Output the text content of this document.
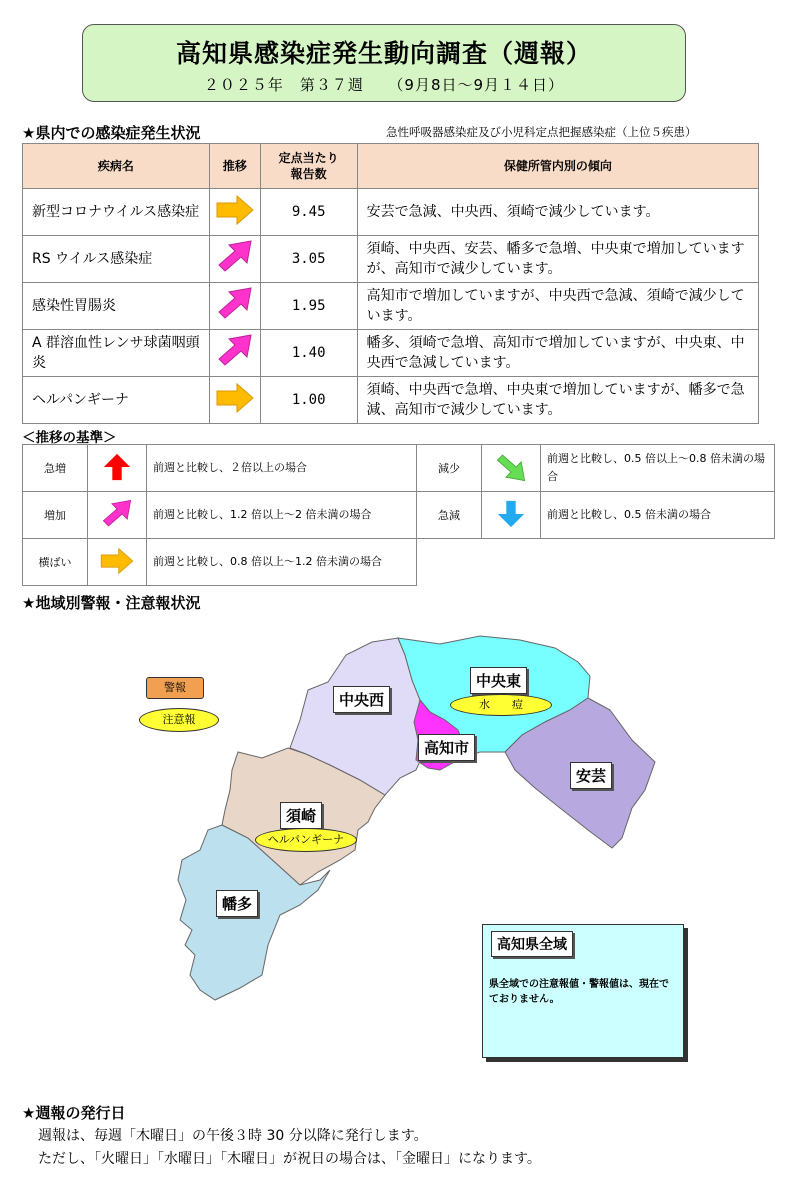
高知県感染症発生動向調査（週報）
２０２５年　第３７週　　（9月8日～9月１４日）
★県内での感染症発生状況	急性呼吸器感染症及び小児科定点把握感染症（上位５疾患）
疾病名	推移	定点当たり報告数	保健所管内別の傾向
新型コロナウイルス感染症		9.45	安芸で急減、中央西、須崎で減少しています。
RS ウイルス感染症		3.05	須崎、中央西、安芸、幡多で急増、中央東で増加していますが、高知市で減少しています。
感染性胃腸炎		1.95	高知市で増加していますが、中央西で急減、須崎で減少しています。
A 群溶血性レンサ球菌咽頭炎		1.40	幡多、須崎で急増、高知市で増加していますが、中央東、中央西で急減しています。
ヘルパンギーナ		1.00	須崎、中央西で急増、中央東で増加していますが、幡多で急減、高知市で減少しています。
＜推移の基準＞
急増		前週と比較し、２倍以上の場合	減少		前週と比較し、0.5 倍以上～0.8 倍未満の場合
増加		前週と比較し、1.2 倍以上～2 倍未満の場合	急減		前週と比較し、0.5 倍未満の場合
横ばい		前週と比較し、0.8 倍以上～1.2 倍未満の場合			
★地域別警報・注意報状況
警報
注意報
中央西
中央東
水　　痘
高知市
安芸
須崎
ヘルパンギーナ
幡多
高知県全域
県全域での注意報値・警報値は、現在でておりません。
★週報の発行日
週報は、毎週「木曜日」の午後３時 30 分以降に発行します。
ただし、「火曜日」「水曜日」「木曜日」が祝日の場合は、「金曜日」になります。
